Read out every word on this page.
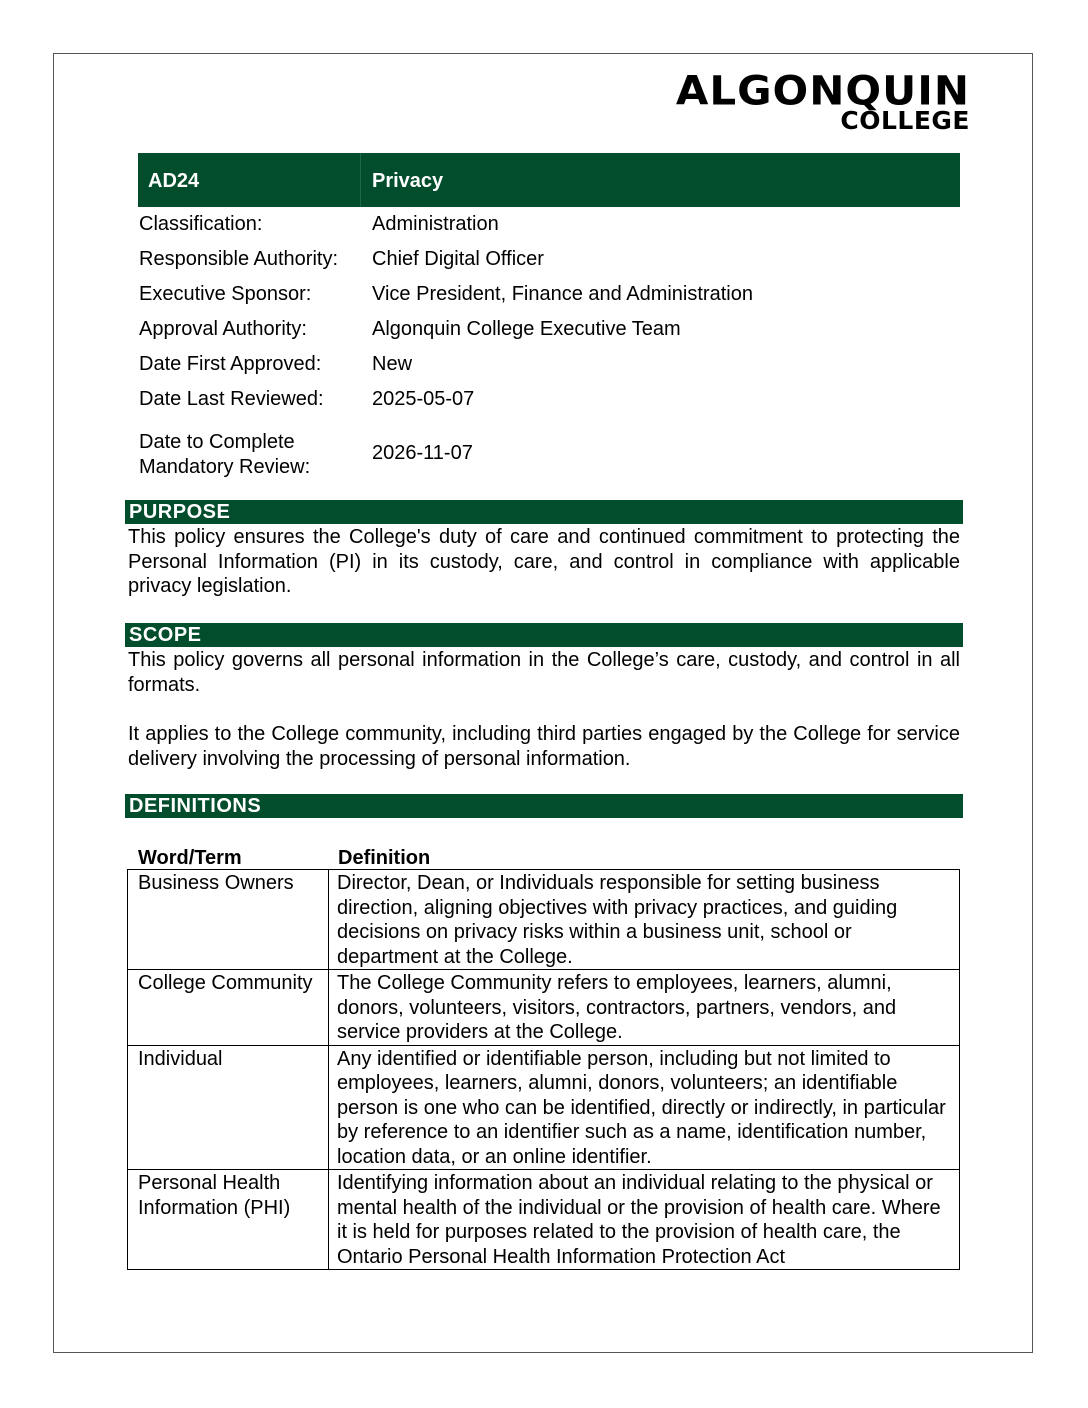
ALGONQUIN
COLLEGE
AD24	Privacy
Classification:	Administration
Responsible Authority: Chief Digital Officer
Executive Sponsor:	Vice President, Finance and Administration
Approval Authority:	Algonquin College Executive Team
Date First Approved:	New
Date Last Reviewed: 2025-05-07
Date to Complete Mandatory Review:
2026-11-07
PURPOSE
This policy ensures the College's duty of care and continued commitment to protecting the Personal Information (PI) in its custody, care, and control in compliance with applicable privacy legislation.
SCOPE
This policy governs all personal information in the College’s care, custody, and control in all formats.
It applies to the College community, including third parties engaged by the College for service delivery involving the processing of personal information.
DEFINITIONS
Word/Term	Definition
Business Owners	Director, Dean, or Individuals responsible for setting business direction, aligning objectives with privacy practices, and guiding decisions on privacy risks within a business unit, school or department at the College.
College Community	The College Community refers to employees, learners, alumni, donors, volunteers, visitors, contractors, partners, vendors, and service providers at the College.
Individual	Any identified or identifiable person, including but not limited to employees, learners, alumni, donors, volunteers; an identifiable person is one who can be identified, directly or indirectly, in particular by reference to an identifier such as a name, identification number, location data, or an online identifier.
Personal Health Information (PHI)	Identifying information about an individual relating to the physical or mental health of the individual or the provision of health care. Where it is held for purposes related to the provision of health care, the Ontario Personal Health Information Protection Act
